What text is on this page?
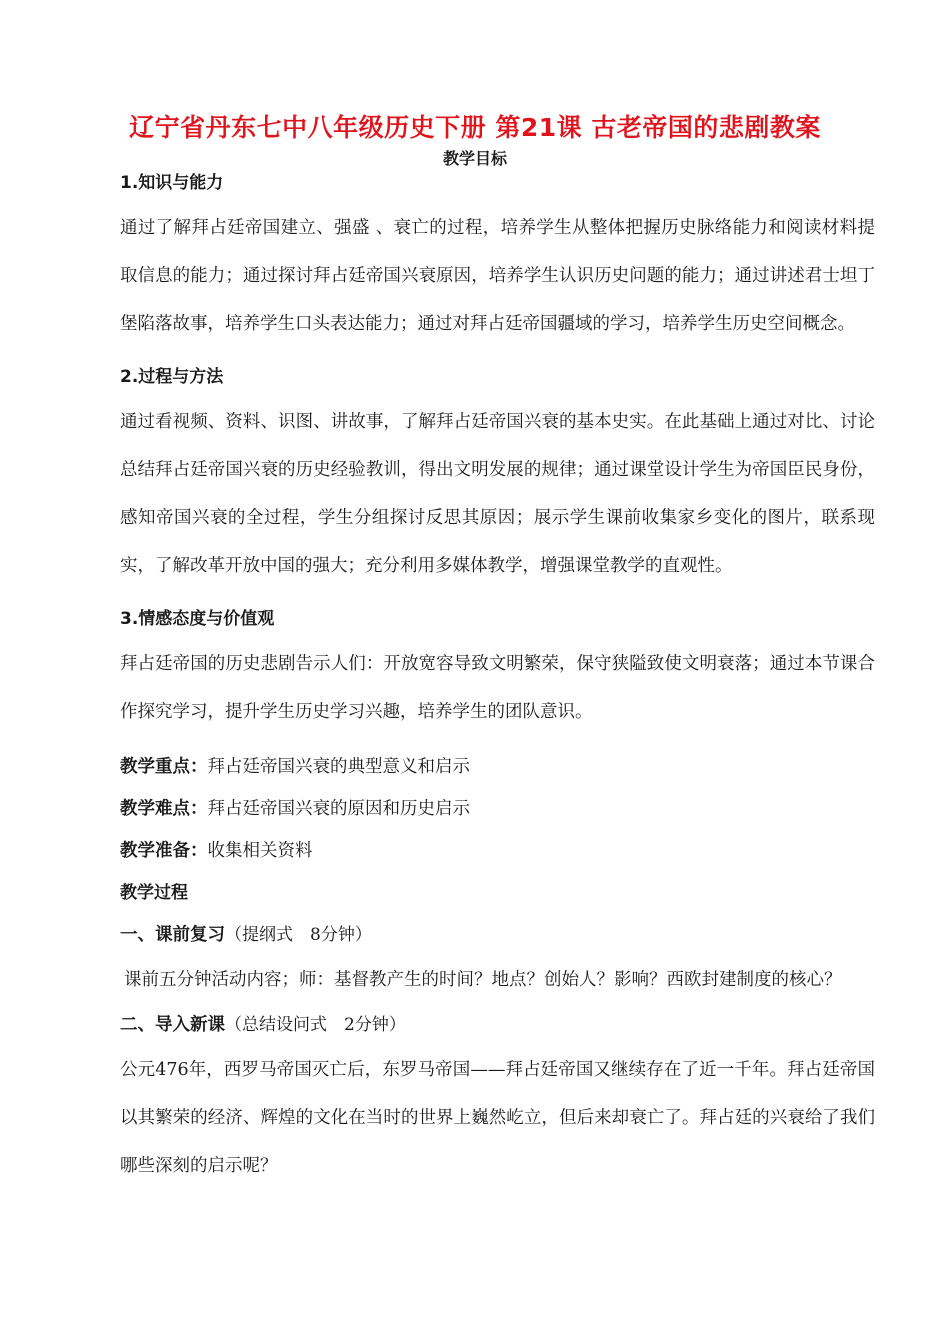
辽宁省丹东七中八年级历史下册 第21课 古老帝国的悲剧教案
教学目标

1.知识与能力

通过了解拜占廷帝国建立、强盛 、衰亡的过程，培养学生从整体把握历史脉络能力和阅读材料提取信息的能力；通过探讨拜占廷帝国兴衰原因，培养学生认识历史问题的能力；通过讲述君士坦丁堡陷落故事，培养学生口头表达能力；通过对拜占廷帝国疆域的学习，培养学生历史空间概念。

2.过程与方法

通过看视频、资料、识图、讲故事，了解拜占廷帝国兴衰的基本史实。在此基础上通过对比、讨论总结拜占廷帝国兴衰的历史经验教训，得出文明发展的规律；通过课堂设计学生为帝国臣民身份，感知帝国兴衰的全过程，学生分组探讨反思其原因；展示学生课前收集家乡变化的图片，联系现实，了解改革开放中国的强大；充分利用多媒体教学，增强课堂教学的直观性。

3.情感态度与价值观

拜占廷帝国的历史悲剧告示人们：开放宽容导致文明繁荣，保守狭隘致使文明衰落；通过本节课合作探究学习，提升学生历史学习兴趣，培养学生的团队意识。

教学重点：拜占廷帝国兴衰的典型意义和启示

教学难点：拜占廷帝国兴衰的原因和历史启示

教学准备：收集相关资料

教学过程

一、课前复习（提纲式　8分钟）

课前五分钟活动内容；师：基督教产生的时间？地点？创始人？影响？西欧封建制度的核心？

二、导入新课（总结设问式　2分钟）

公元476年，西罗马帝国灭亡后，东罗马帝国——拜占廷帝国又继续存在了近一千年。拜占廷帝国以其繁荣的经济、辉煌的文化在当时的世界上巍然屹立，但后来却衰亡了。拜占廷的兴衰给了我们哪些深刻的启示呢？
